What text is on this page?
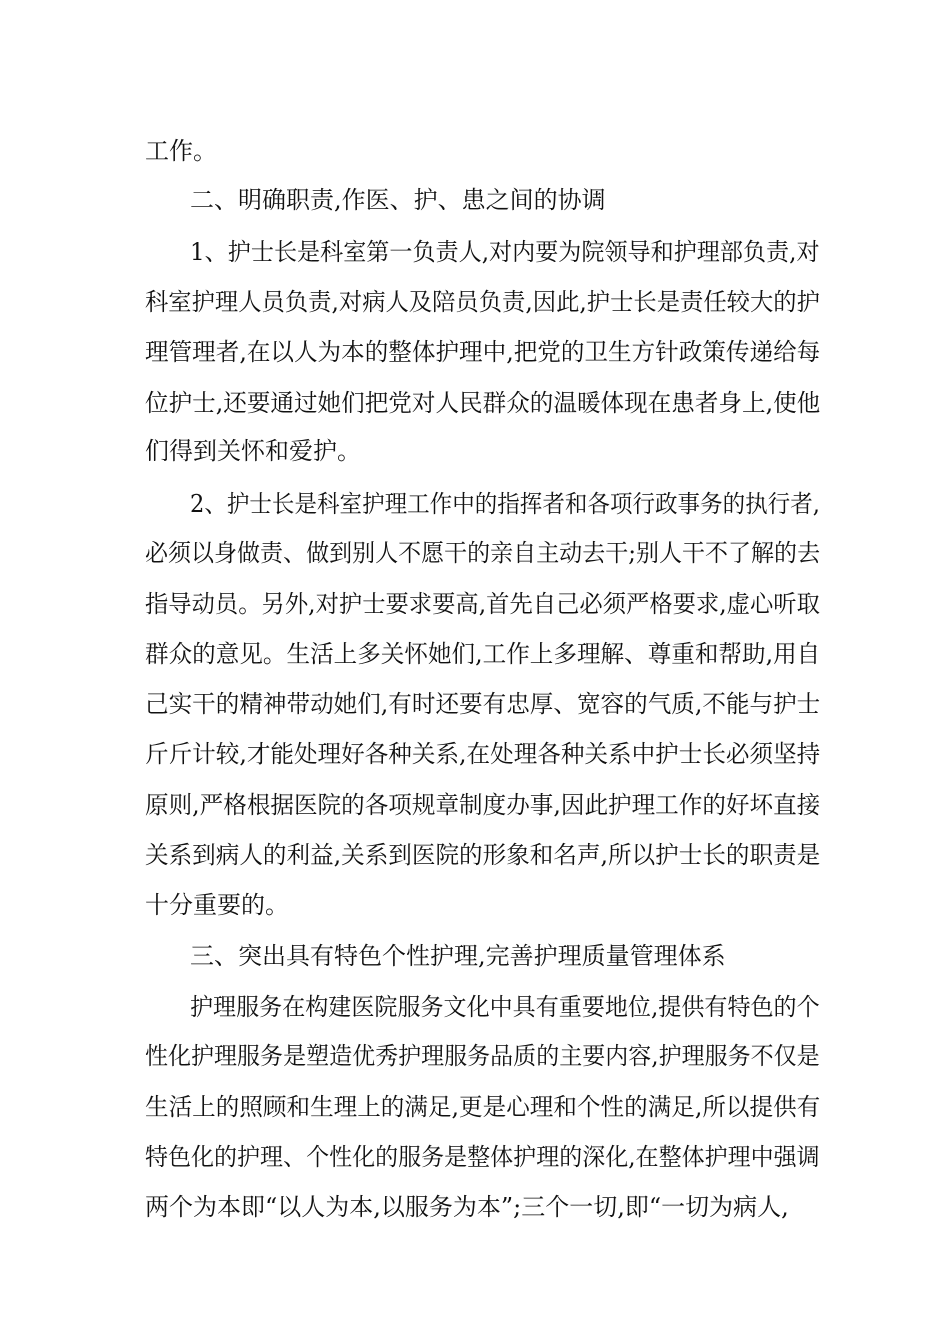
工作。
二、明确职责,作医、护、患之间的协调
1、护士长是科室第一负责人,对内要为院领导和护理部负责,对
科室护理人员负责,对病人及陪员负责,因此,护士长是责任较大的护
理管理者,在以人为本的整体护理中,把党的卫生方针政策传递给每
位护士,还要通过她们把党对人民群众的温暖体现在患者身上,使他
们得到关怀和爱护。
2、护士长是科室护理工作中的指挥者和各项行政事务的执行者,
必须以身做责、做到别人不愿干的亲自主动去干;别人干不了解的去
指导动员。另外,对护士要求要高,首先自己必须严格要求,虚心听取
群众的意见。生活上多关怀她们,工作上多理解、尊重和帮助,用自
己实干的精神带动她们,有时还要有忠厚、宽容的气质,不能与护士
斤斤计较,才能处理好各种关系,在处理各种关系中护士长必须坚持
原则,严格根据医院的各项规章制度办事,因此护理工作的好坏直接
关系到病人的利益,关系到医院的形象和名声,所以护士长的职责是
十分重要的。
三、突出具有特色个性护理,完善护理质量管理体系
护理服务在构建医院服务文化中具有重要地位,提供有特色的个
性化护理服务是塑造优秀护理服务品质的主要内容,护理服务不仅是
生活上的照顾和生理上的满足,更是心理和个性的满足,所以提供有
特色化的护理、个性化的服务是整体护理的深化,在整体护理中强调
两个为本即“以人为本,以服务为本”;三个一切,即“一切为病人,
